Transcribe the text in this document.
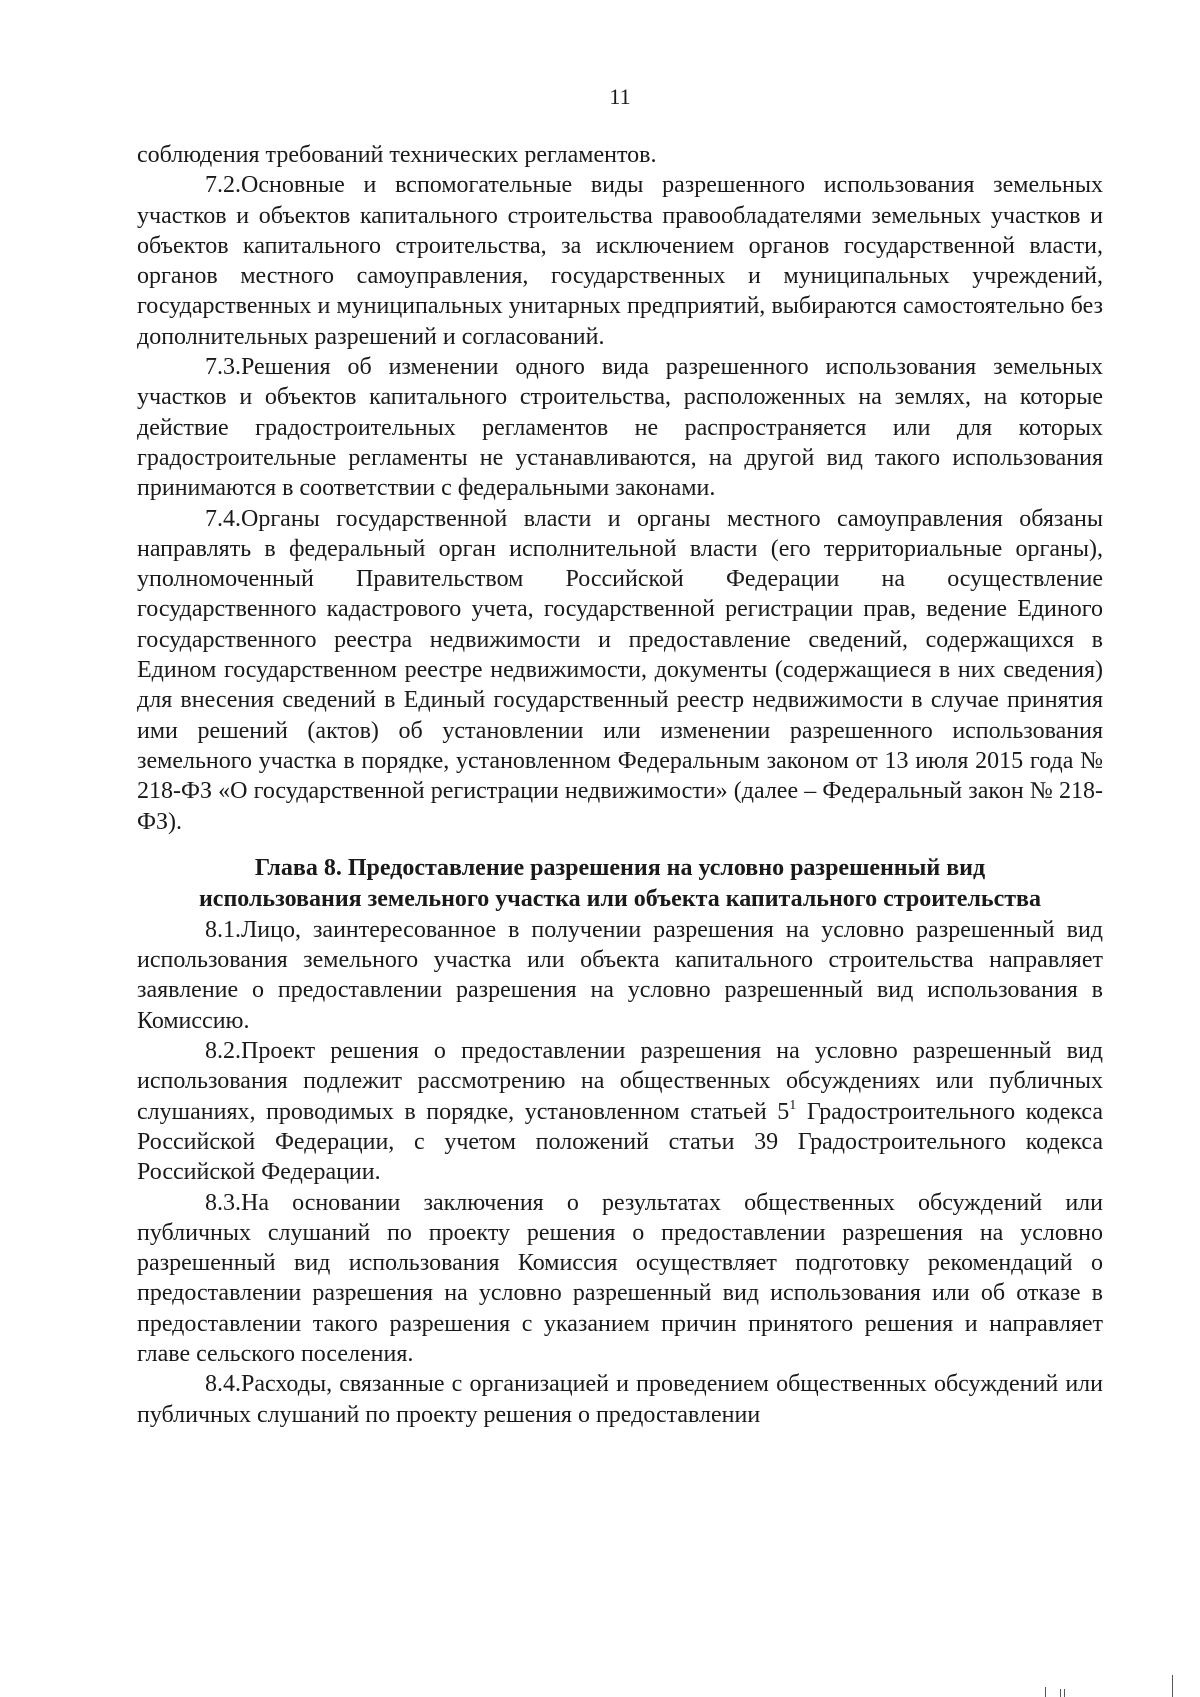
11

соблюдения требований технических регламентов.

7.2.Основные и вспомогательные виды разрешенного использования земельных участков и объектов капитального строительства правообладателями земельных участков и объектов капитального строительства, за исключением органов государственной власти, органов местного самоуправления, государственных и муниципальных учреждений, государственных и муниципальных унитарных предприятий, выбираются самостоятельно без дополнительных разрешений и согласований.

7.3.Решения об изменении одного вида разрешенного использования земельных участков и объектов капитального строительства, расположенных на землях, на которые действие градостроительных регламентов не распространяется или для которых градостроительные регламенты не устанавливаются, на другой вид такого использования принимаются в соответствии с федеральными законами.

7.4.Органы государственной власти и органы местного самоуправления обязаны направлять в федеральный орган исполнительной власти (его территориальные органы), уполномоченный Правительством Российской Федерации на осуществление государственного кадастрового учета, государственной регистрации прав, ведение Единого государственного реестра недвижимости и предоставление сведений, содержащихся в Едином государственном реестре недвижимости, документы (содержащиеся в них сведения) для внесения сведений в Единый государственный реестр недвижимости в случае принятия ими решений (актов) об установлении или изменении разрешенного использования земельного участка в порядке, установленном Федеральным законом от 13 июля 2015 года № 218-ФЗ «О государственной регистрации недвижимости» (далее – Федеральный закон № 218-ФЗ).

Глава 8. Предоставление разрешения на условно разрешенный вид
использования земельного участка или объекта капитального строительства

8.1.Лицо, заинтересованное в получении разрешения на условно разрешенный вид использования земельного участка или объекта капитального строительства направляет заявление о предоставлении разрешения на условно разрешенный вид использования в Комиссию.

8.2.Проект решения о предоставлении разрешения на условно разрешенный вид использования подлежит рассмотрению на общественных обсуждениях или публичных слушаниях, проводимых в порядке, установленном статьей $5^1$ Градостроительного кодекса Российской Федерации, с учетом положений статьи 39 Градостроительного кодекса Российской Федерации.

8.3.На основании заключения о результатах общественных обсуждений или публичных слушаний по проекту решения о предоставлении разрешения на условно разрешенный вид использования Комиссия осуществляет подготовку рекомендаций о предоставлении разрешения на условно разрешенный вид использования или об отказе в предоставлении такого разрешения с указанием причин принятого решения и направляет главе сельского поселения.

8.4.Расходы, связанные с организацией и проведением общественных обсуждений или публичных слушаний по проекту решения о предоставлении
